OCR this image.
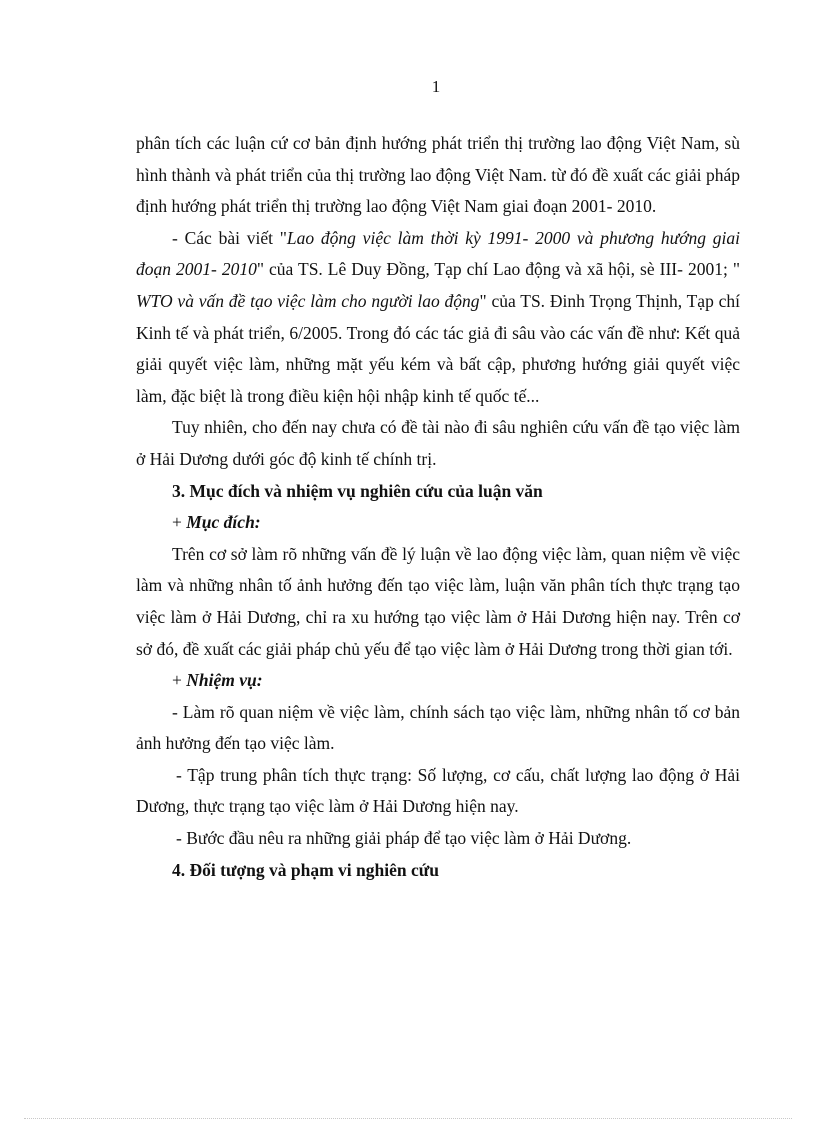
1

phân tích các luận cứ cơ bản định hướng phát triển thị trường lao động Việt Nam, sù hình thành và phát triển của thị trường lao động Việt Nam. từ đó đề xuất các giải pháp định hướng phát triển thị trường lao động Việt Nam giai đoạn 2001- 2010.

- Các bài viết "Lao động việc làm thời kỳ 1991- 2000 và phương hướng giai đoạn 2001- 2010" của TS. Lê Duy Đồng, Tạp chí Lao động và xã hội, sè III- 2001; " WTO và vấn đề tạo việc làm cho người lao động" của TS. Đinh Trọng Thịnh, Tạp chí Kinh tế và phát triển, 6/2005. Trong đó các tác giả đi sâu vào các vấn đề như: Kết quả giải quyết việc làm, những mặt yếu kém và bất cập, phương hướng giải quyết việc làm, đặc biệt là trong điều kiện hội nhập kinh tế quốc tế...

Tuy nhiên, cho đến nay chưa có đề tài nào đi sâu nghiên cứu vấn đề tạo việc làm ở Hải Dương dưới góc độ kinh tế chính trị.

3. Mục đích và nhiệm vụ nghiên cứu của luận văn

+ Mục đích:

Trên cơ sở làm rõ những vấn đề lý luận về lao động việc làm, quan niệm về việc làm và những nhân tố ảnh hưởng đến tạo việc làm, luận văn phân tích thực trạng tạo việc làm ở Hải Dương, chỉ ra xu hướng tạo việc làm ở Hải Dương hiện nay. Trên cơ sở đó, đề xuất các giải pháp chủ yếu để tạo việc làm ở Hải Dương trong thời gian tới.

+ Nhiệm vụ:

- Làm rõ quan niệm về việc làm, chính sách tạo việc làm, những nhân tố cơ bản ảnh hưởng đến tạo việc làm.

- Tập trung phân tích thực trạng: Số lượng, cơ cấu, chất lượng lao động ở Hải Dương, thực trạng tạo việc làm ở Hải Dương hiện nay.

- Bước đầu nêu ra những giải pháp để tạo việc làm ở Hải Dương.

4. Đối tượng và phạm vi nghiên cứu
